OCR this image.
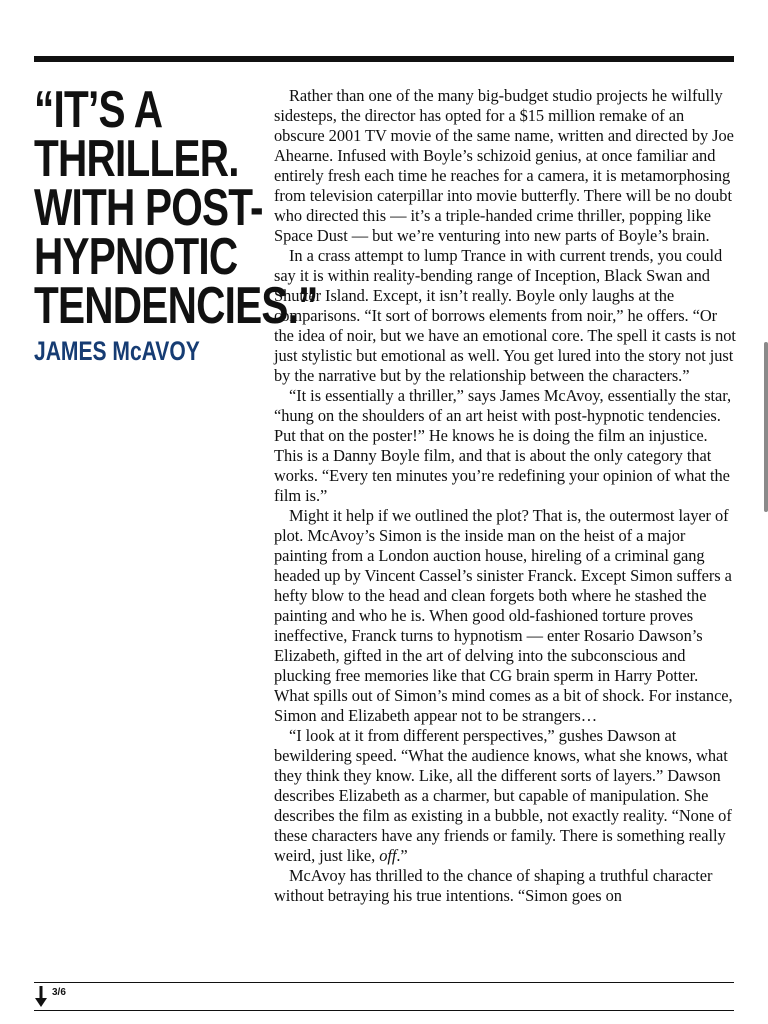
“IT’S A
THRILLER.
WITH POST-
HYPNOTIC
TENDENCIES.”
JAMES McAVOY

Rather than one of the many big-budget studio projects he wilfully sidesteps, the director has opted for a $15 million remake of an obscure 2001 TV movie of the same name, written and directed by Joe Ahearne. Infused with Boyle’s schizoid genius, at once familiar and entirely fresh each time he reaches for a camera, it is metamorphosing from television caterpillar into movie butterfly. There will be no doubt who directed this — it’s a triple-handed crime thriller, popping like Space Dust — but we’re venturing into new parts of Boyle’s brain.

In a crass attempt to lump Trance in with current trends, you could say it is within reality-bending range of Inception, Black Swan and Shutter Island. Except, it isn’t really. Boyle only laughs at the comparisons. “It sort of borrows elements from noir,” he offers. “Or the idea of noir, but we have an emotional core. The spell it casts is not just stylistic but emotional as well. You get lured into the story not just by the narrative but by the relationship between the characters.”

“It is essentially a thriller,” says James McAvoy, essentially the star, “hung on the shoulders of an art heist with post-hypnotic tendencies. Put that on the poster!” He knows he is doing the film an injustice. This is a Danny Boyle film, and that is about the only category that works. “Every ten minutes you’re redefining your opinion of what the film is.”

Might it help if we outlined the plot? That is, the outermost layer of plot. McAvoy’s Simon is the inside man on the heist of a major painting from a London auction house, hireling of a criminal gang headed up by Vincent Cassel’s sinister Franck. Except Simon suffers a hefty blow to the head and clean forgets both where he stashed the painting and who he is. When good old-fashioned torture proves ineffective, Franck turns to hypnotism — enter Rosario Dawson’s Elizabeth, gifted in the art of delving into the subconscious and plucking free memories like that CG brain sperm in Harry Potter. What spills out of Simon’s mind comes as a bit of shock. For instance, Simon and Elizabeth appear not to be strangers…

“I look at it from different perspectives,” gushes Dawson at bewildering speed. “What the audience knows, what she knows, what they think they know. Like, all the different sorts of layers.” Dawson describes Elizabeth as a charmer, but capable of manipulation. She describes the film as existing in a bubble, not exactly reality. “None of these characters have any friends or family. There is something really weird, just like, off.”

McAvoy has thrilled to the chance of shaping a truthful character without betraying his true intentions. “Simon goes on

3/6
